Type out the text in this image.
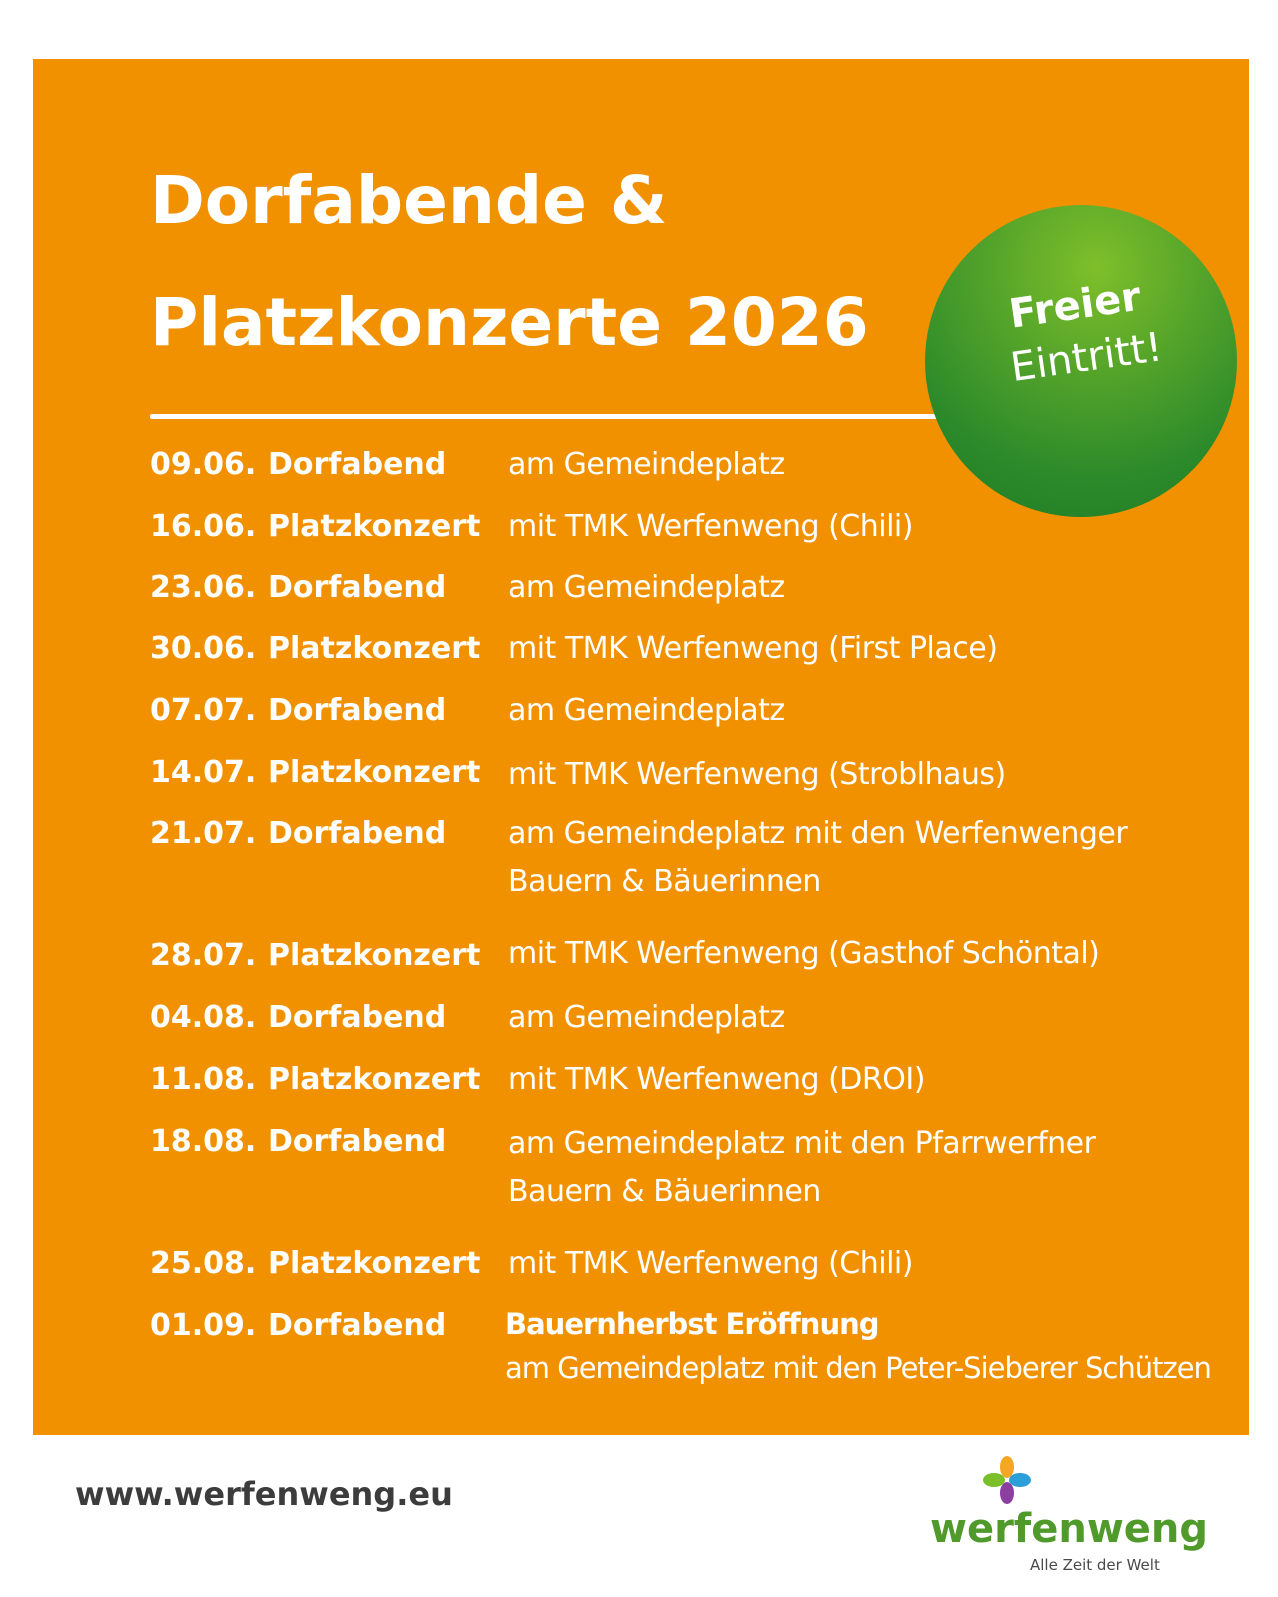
Dorfabende &
Platzkonzerte 2026	Freier
Eintritt!
09.06. Dorfabend am Gemeindeplatz
16.06. Platzkonzert mit TMK Werfenweng (Chili)
23.06. Dorfabend am Gemeindeplatz
30.06. Platzkonzert mit TMK Werfenweng (First Place)
07.07. Dorfabend am Gemeindeplatz
14.07. Platzkonzert mit TMK Werfenweng (Stroblhaus)
21.07. Dorfabend am Gemeindeplatz mit den Werfenwenger
Bauern & Bäuerinnen
28.07. Platzkonzert mit TMK Werfenweng (Gasthof Schöntal)
04.08. Dorfabend am Gemeindeplatz
11.08. Platzkonzert mit TMK Werfenweng (DROI)
18.08. Dorfabend am Gemeindeplatz mit den Pfarrwerfner
Bauern & Bäuerinnen
25.08. Platzkonzert mit TMK Werfenweng (Chili)
01.09. Dorfabend Bauernherbst Eröffnung
am Gemeindeplatz mit den Peter-Sieberer Schützen
www.werfenweng.eu
werfenweng
Alle Zeit der Welt
